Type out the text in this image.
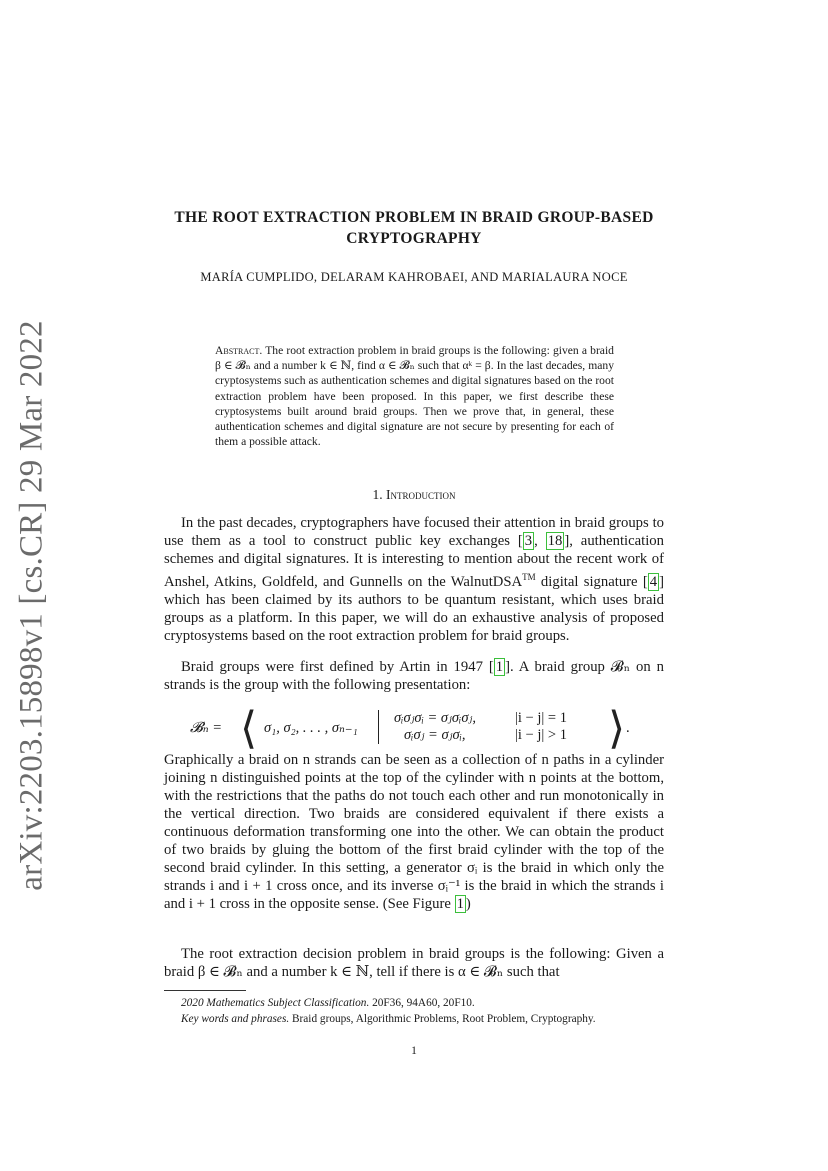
arXiv:2203.15898v1 [cs.CR] 29 Mar 2022
THE ROOT EXTRACTION PROBLEM IN BRAID GROUP-BASED CRYPTOGRAPHY
MARÍA CUMPLIDO, DELARAM KAHROBAEI, AND MARIALAURA NOCE
Abstract. The root extraction problem in braid groups is the following: given a braid β ∈ 𝓑ₙ and a number k ∈ ℕ, find α ∈ 𝓑ₙ such that αᵏ = β. In the last decades, many cryptosystems such as authentication schemes and digital signatures based on the root extraction problem have been proposed. In this paper, we first describe these cryptosystems built around braid groups. Then we prove that, in general, these authentication schemes and digital signature are not secure by presenting for each of them a possible attack.
1. Introduction
In the past decades, cryptographers have focused their attention in braid groups to use them as a tool to construct public key exchanges [ 3 , 18 ], authentication schemes and digital signatures. It is interesting to mention about the recent work of Anshel, Atkins, Goldfeld, and Gunnells on the WalnutDSA™ digital signature [ 4 ] which has been claimed by its authors to be quantum resistant, which uses braid groups as a platform. In this paper, we will do an exhaustive analysis of proposed cryptosystems based on the root extraction problem for braid groups.
Braid groups were first defined by Artin in 1947 [ 1 ]. A braid group 𝓑ₙ on n strands is the group with the following presentation:
𝓑ₙ = ⟨ σ₁, σ₂, . . . , σₙ₋₁
σᵢσⱼσᵢ = σⱼσᵢσⱼ,
σᵢσⱼ = σⱼσᵢ,
|i − j| = 1
|i − j| > 1 ⟩ .
Graphically a braid on n strands can be seen as a collection of n paths in a cylinder joining n distinguished points at the top of the cylinder with n points at the bottom, with the restrictions that the paths do not touch each other and run monotonically in the vertical direction. Two braids are considered equivalent if there exists a continuous deformation transforming one into the other. We can obtain the product of two braids by gluing the bottom of the first braid cylinder with the top of the second braid cylinder. In this setting, a generator σᵢ is the braid in which only the strands i and i + 1 cross once, and its inverse σᵢ⁻¹ is the braid in which the strands i and i + 1 cross in the opposite sense. (See Figure 1 )
The root extraction decision problem in braid groups is the following: Given a braid β ∈ 𝓑ₙ and a number k ∈ ℕ, tell if there is α ∈ 𝓑ₙ such that
2020 Mathematics Subject Classification. 20F36, 94A60, 20F10.
Key words and phrases. Braid groups, Algorithmic Problems, Root Problem, Cryptography.
1
